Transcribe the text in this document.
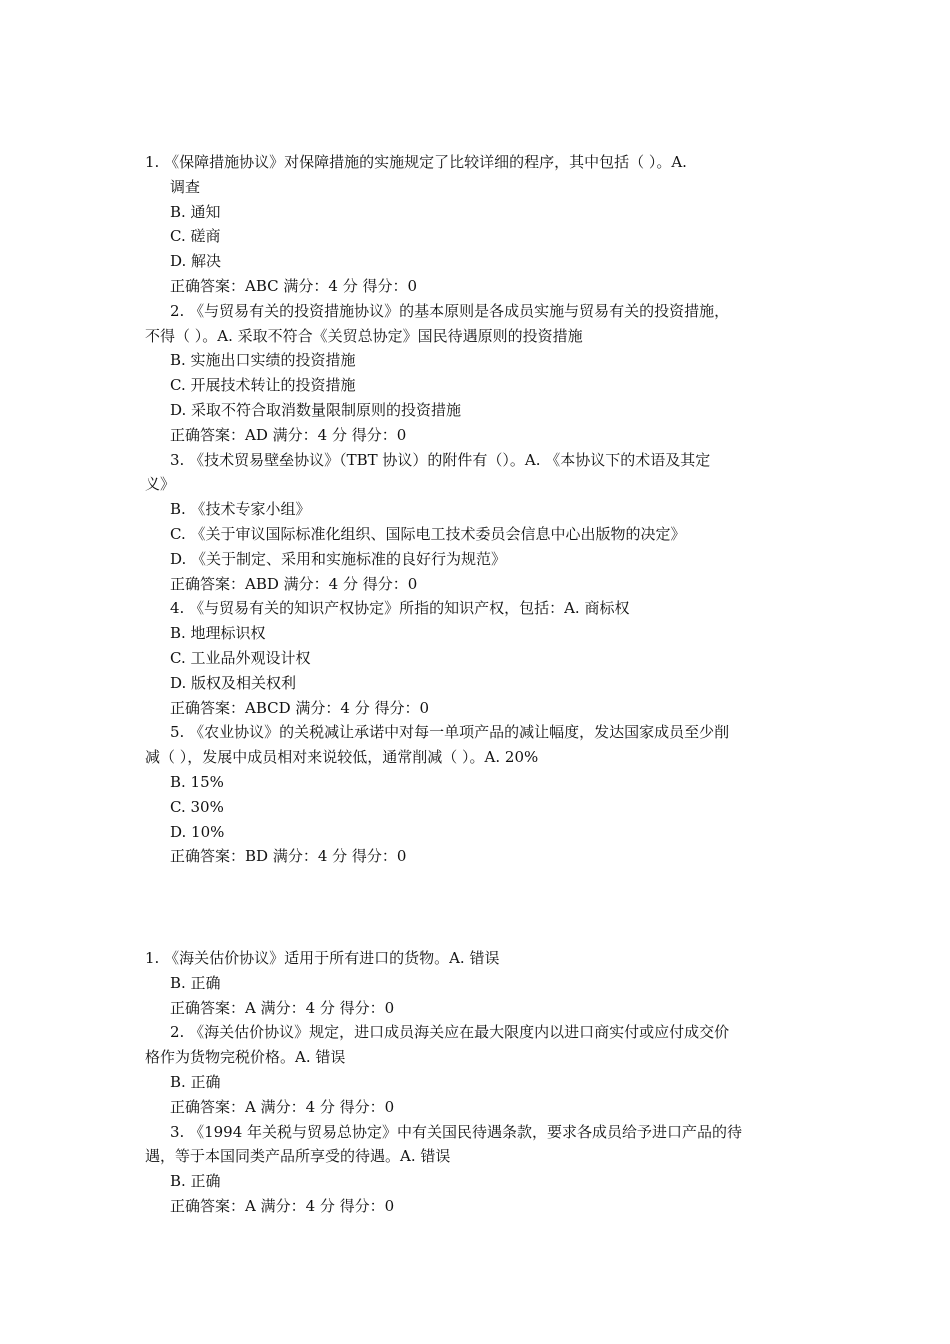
1. 《保障措施协议》对保障措施的实施规定了比较详细的程序，其中包括（ ）。A.
调查
B. 通知
C. 磋商
D. 解决
正确答案：ABC 满分：4 分 得分：0
2. 《与贸易有关的投资措施协议》的基本原则是各成员实施与贸易有关的投资措施，
不得（ ）。A. 采取不符合《关贸总协定》国民待遇原则的投资措施
B. 实施出口实绩的投资措施
C. 开展技术转让的投资措施
D. 采取不符合取消数量限制原则的投资措施
正确答案：AD 满分：4 分 得分：0
3. 《技术贸易壁垒协议》（TBT 协议）的附件有（）。A. 《本协议下的术语及其定
义》
B. 《技术专家小组》
C. 《关于审议国际标准化组织、国际电工技术委员会信息中心出版物的决定》
D. 《关于制定、采用和实施标准的良好行为规范》
正确答案：ABD 满分：4 分 得分：0
4. 《与贸易有关的知识产权协定》所指的知识产权，包括：A. 商标权
B. 地理标识权
C. 工业品外观设计权
D. 版权及相关权利
正确答案：ABCD 满分：4 分 得分：0
5. 《农业协议》的关税减让承诺中对每一单项产品的减让幅度，发达国家成员至少削
减（ ），发展中成员相对来说较低，通常削减（ ）。A. 20%
B. 15%
C. 30%
D. 10%
正确答案：BD 满分：4 分 得分：0
1. 《海关估价协议》适用于所有进口的货物。A. 错误
B. 正确
正确答案：A 满分：4 分 得分：0
2. 《海关估价协议》规定，进口成员海关应在最大限度内以进口商实付或应付成交价
格作为货物完税价格。A. 错误
B. 正确
正确答案：A 满分：4 分 得分：0
3. 《1994 年关税与贸易总协定》中有关国民待遇条款，要求各成员给予进口产品的待
遇，等于本国同类产品所享受的待遇。A. 错误
B. 正确
正确答案：A 满分：4 分 得分：0
